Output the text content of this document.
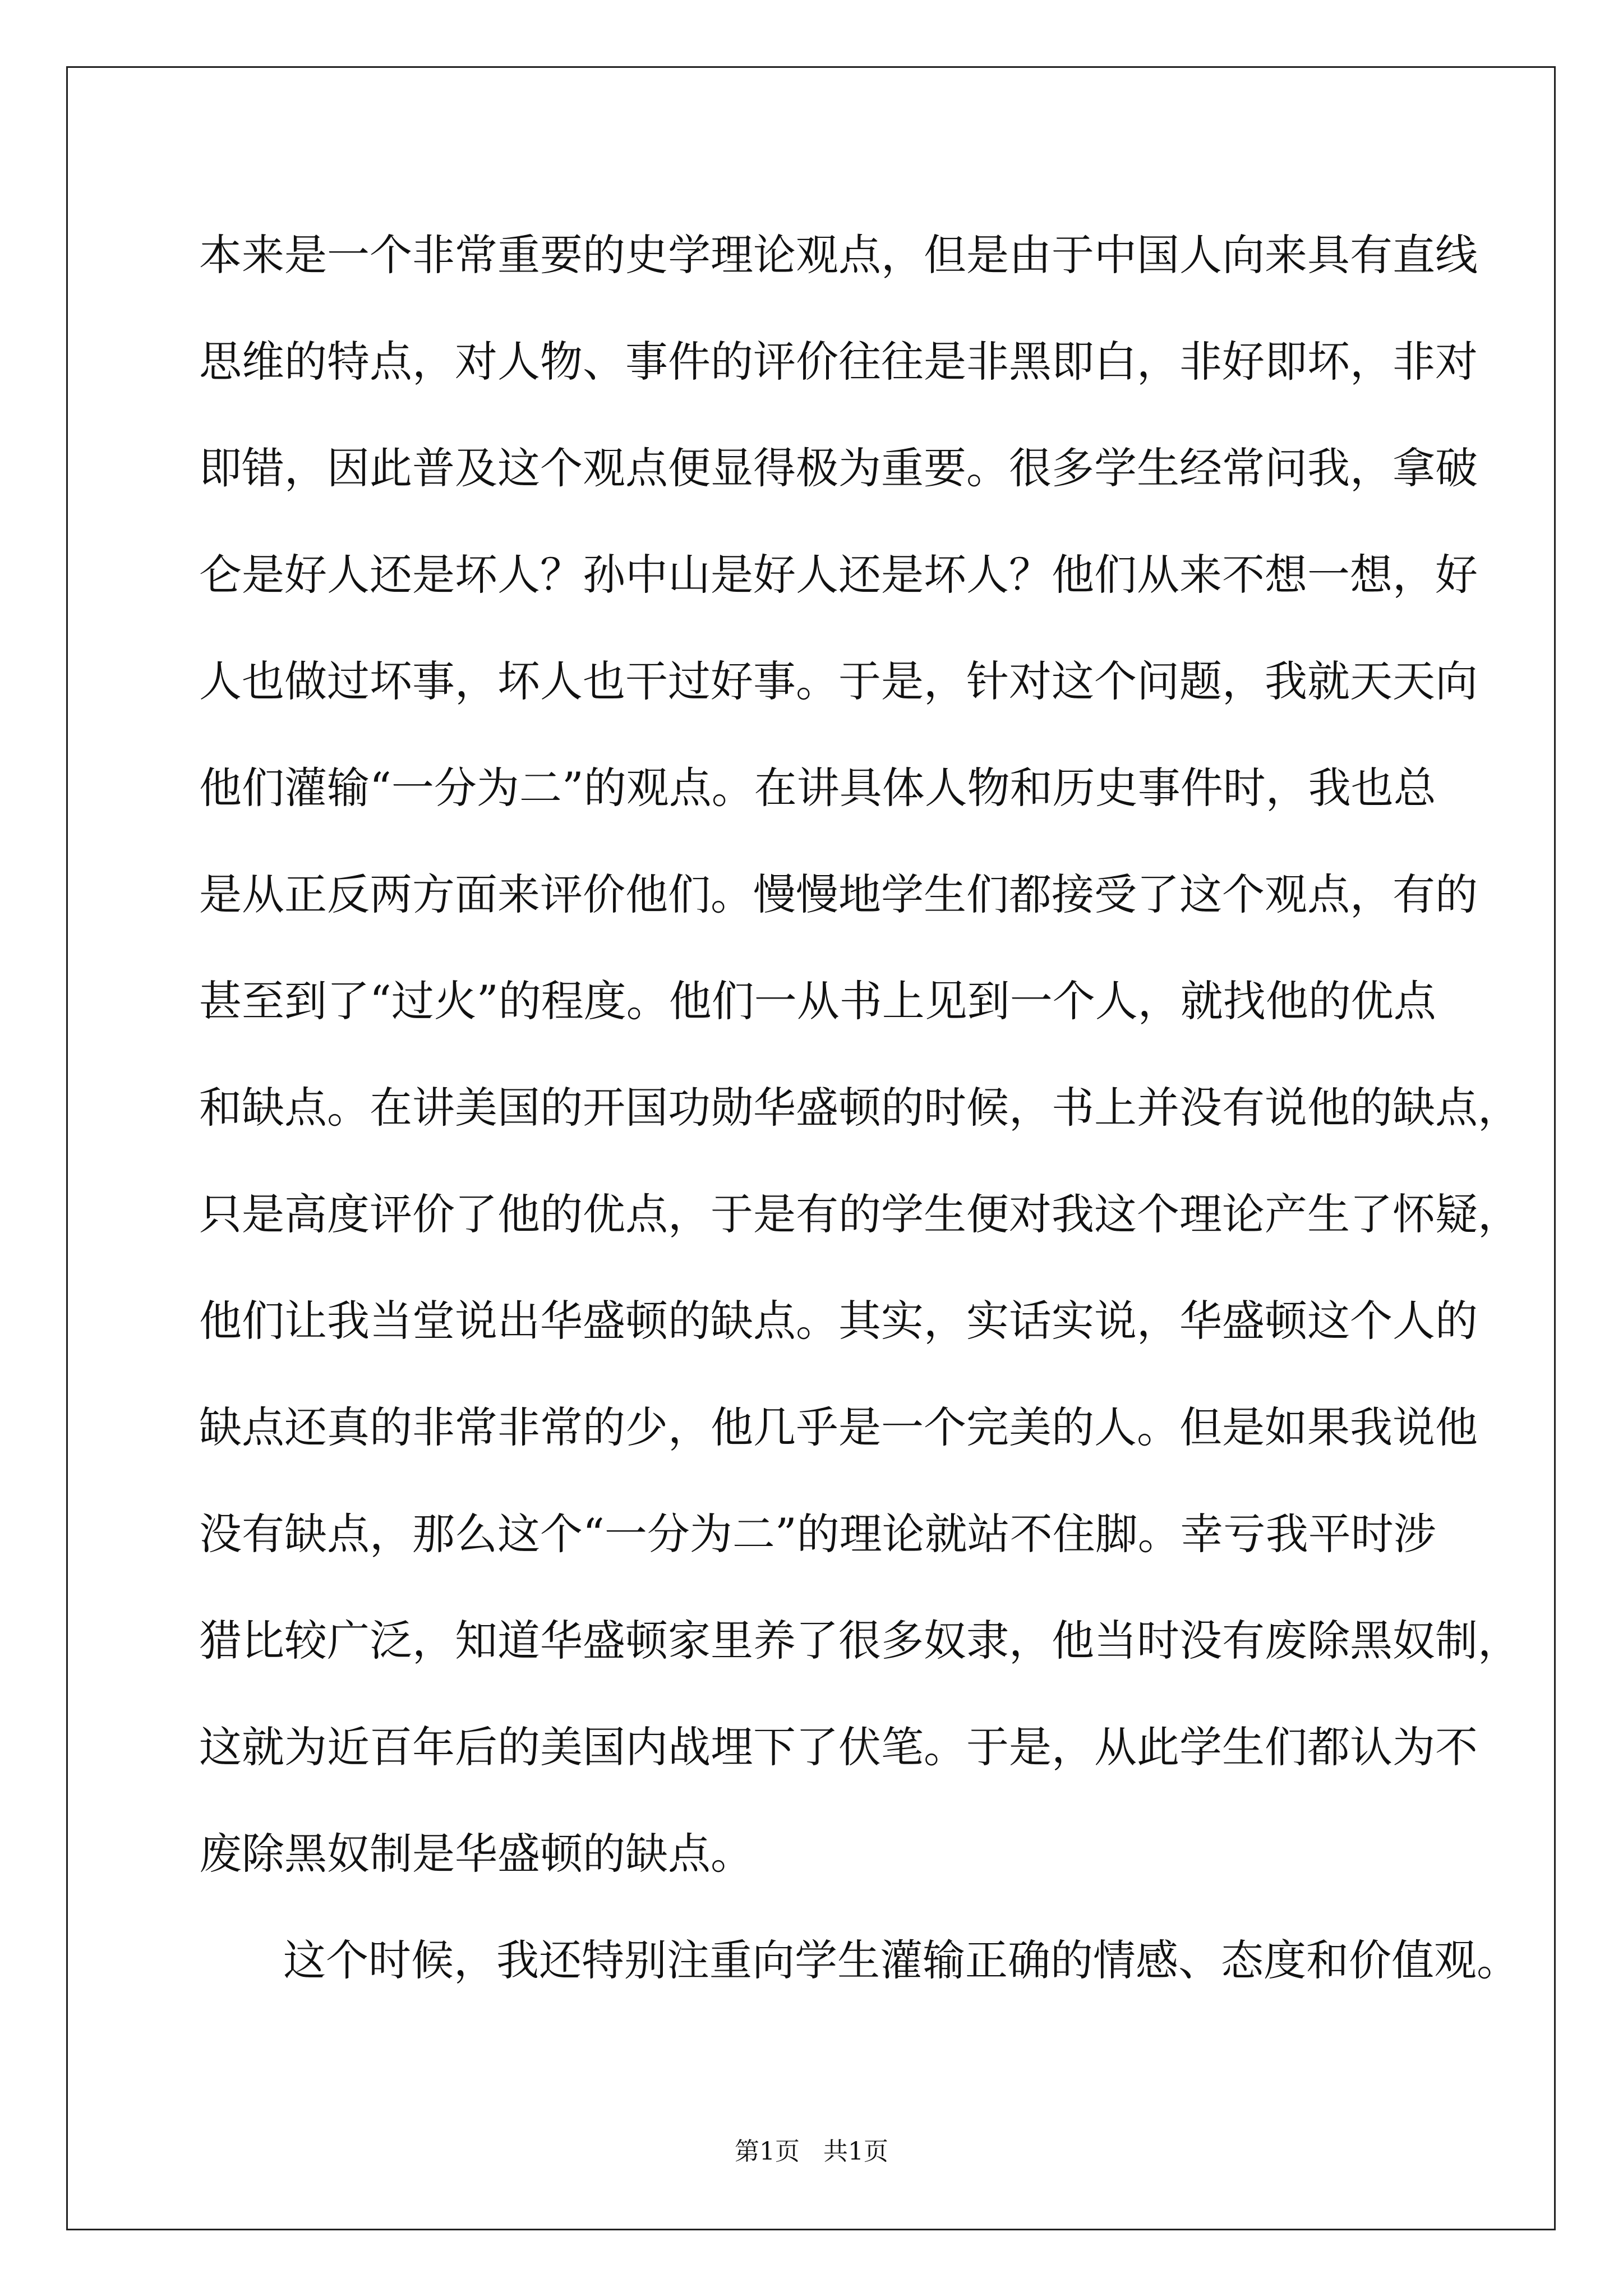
本来是一个非常重要的史学理论观点，但是由于中国人向来具有直线
思维的特点，对人物、事件的评价往往是非黑即白，非好即坏，非对
即错，因此普及这个观点便显得极为重要。很多学生经常问我，拿破
仑是好人还是坏人？孙中山是好人还是坏人？他们从来不想一想，好
人也做过坏事，坏人也干过好事。于是，针对这个问题，我就天天向
他们灌输“一分为二”的观点。在讲具体人物和历史事件时，我也总
是从正反两方面来评价他们。慢慢地学生们都接受了这个观点，有的
甚至到了“过火”的程度。他们一从书上见到一个人，就找他的优点
和缺点。在讲美国的开国功勋华盛顿的时候，书上并没有说他的缺点，
只是高度评价了他的优点，于是有的学生便对我这个理论产生了怀疑，
他们让我当堂说出华盛顿的缺点。其实，实话实说，华盛顿这个人的
缺点还真的非常非常的少，他几乎是一个完美的人。但是如果我说他
没有缺点，那么这个“一分为二”的理论就站不住脚。幸亏我平时涉
猎比较广泛，知道华盛顿家里养了很多奴隶，他当时没有废除黑奴制，
这就为近百年后的美国内战埋下了伏笔。于是，从此学生们都认为不
废除黑奴制是华盛顿的缺点。
这个时候，我还特别注重向学生灌输正确的情感、态度和价值观。
第1页 共1页
